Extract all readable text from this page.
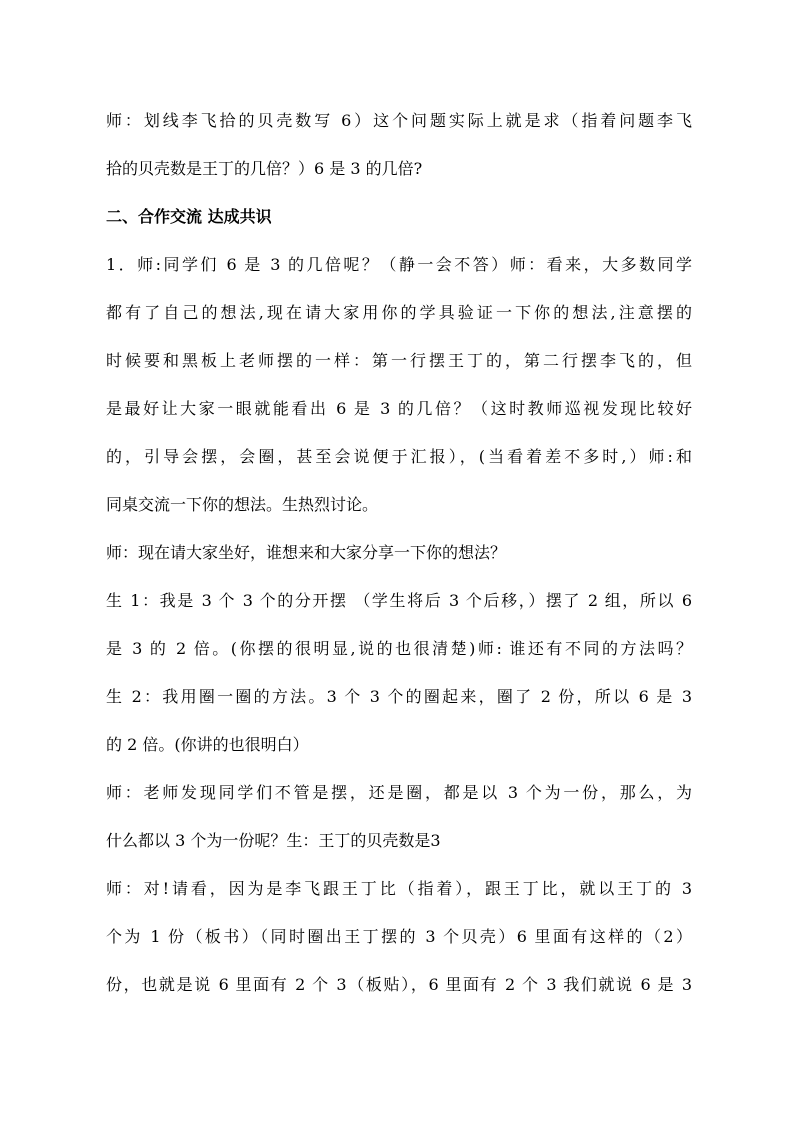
师：划线李飞拾的贝壳数写 6）这个问题实际上就是求（指着问题李飞
拾的贝壳数是王丁的几倍？）6 是 3 的几倍?
二、合作交流 达成共识
1．师:同学们 6 是 3 的几倍呢？（静一会不答）师：看来，大多数同学
都有了自己的想法,现在请大家用你的学具验证一下你的想法,注意摆的
时候要和黑板上老师摆的一样：第一行摆王丁的，第二行摆李飞的，但
是最好让大家一眼就能看出 6 是 3 的几倍？（这时教师巡视发现比较好
的，引导会摆，会圈，甚至会说便于汇报），(当看着差不多时,）师:和
同桌交流一下你的想法。生热烈讨论。
师：现在请大家坐好，谁想来和大家分享一下你的想法？
生 1：我是 3 个 3 个的分开摆 （学生将后 3 个后移，）摆了 2 组，所以 6
是 3 的 2 倍。(你摆的很明显,说的也很清楚)师: 谁还有不同的方法吗？
生 2：我用圈一圈的方法。3 个 3 个的圈起来，圈了 2 份，所以 6 是 3
的 2 倍。(你讲的也很明白）
师：老师发现同学们不管是摆，还是圈，都是以 3 个为一份，那么，为
什么都以 3 个为一份呢？生：王丁的贝壳数是3
师：对!请看，因为是李飞跟王丁比（指着），跟王丁比，就以王丁的 3
个为 1 份（板书）（同时圈出王丁摆的 3 个贝壳）6 里面有这样的（2）
份，也就是说 6 里面有 2 个 3（板贴），6 里面有 2 个 3 我们就说 6 是 3
